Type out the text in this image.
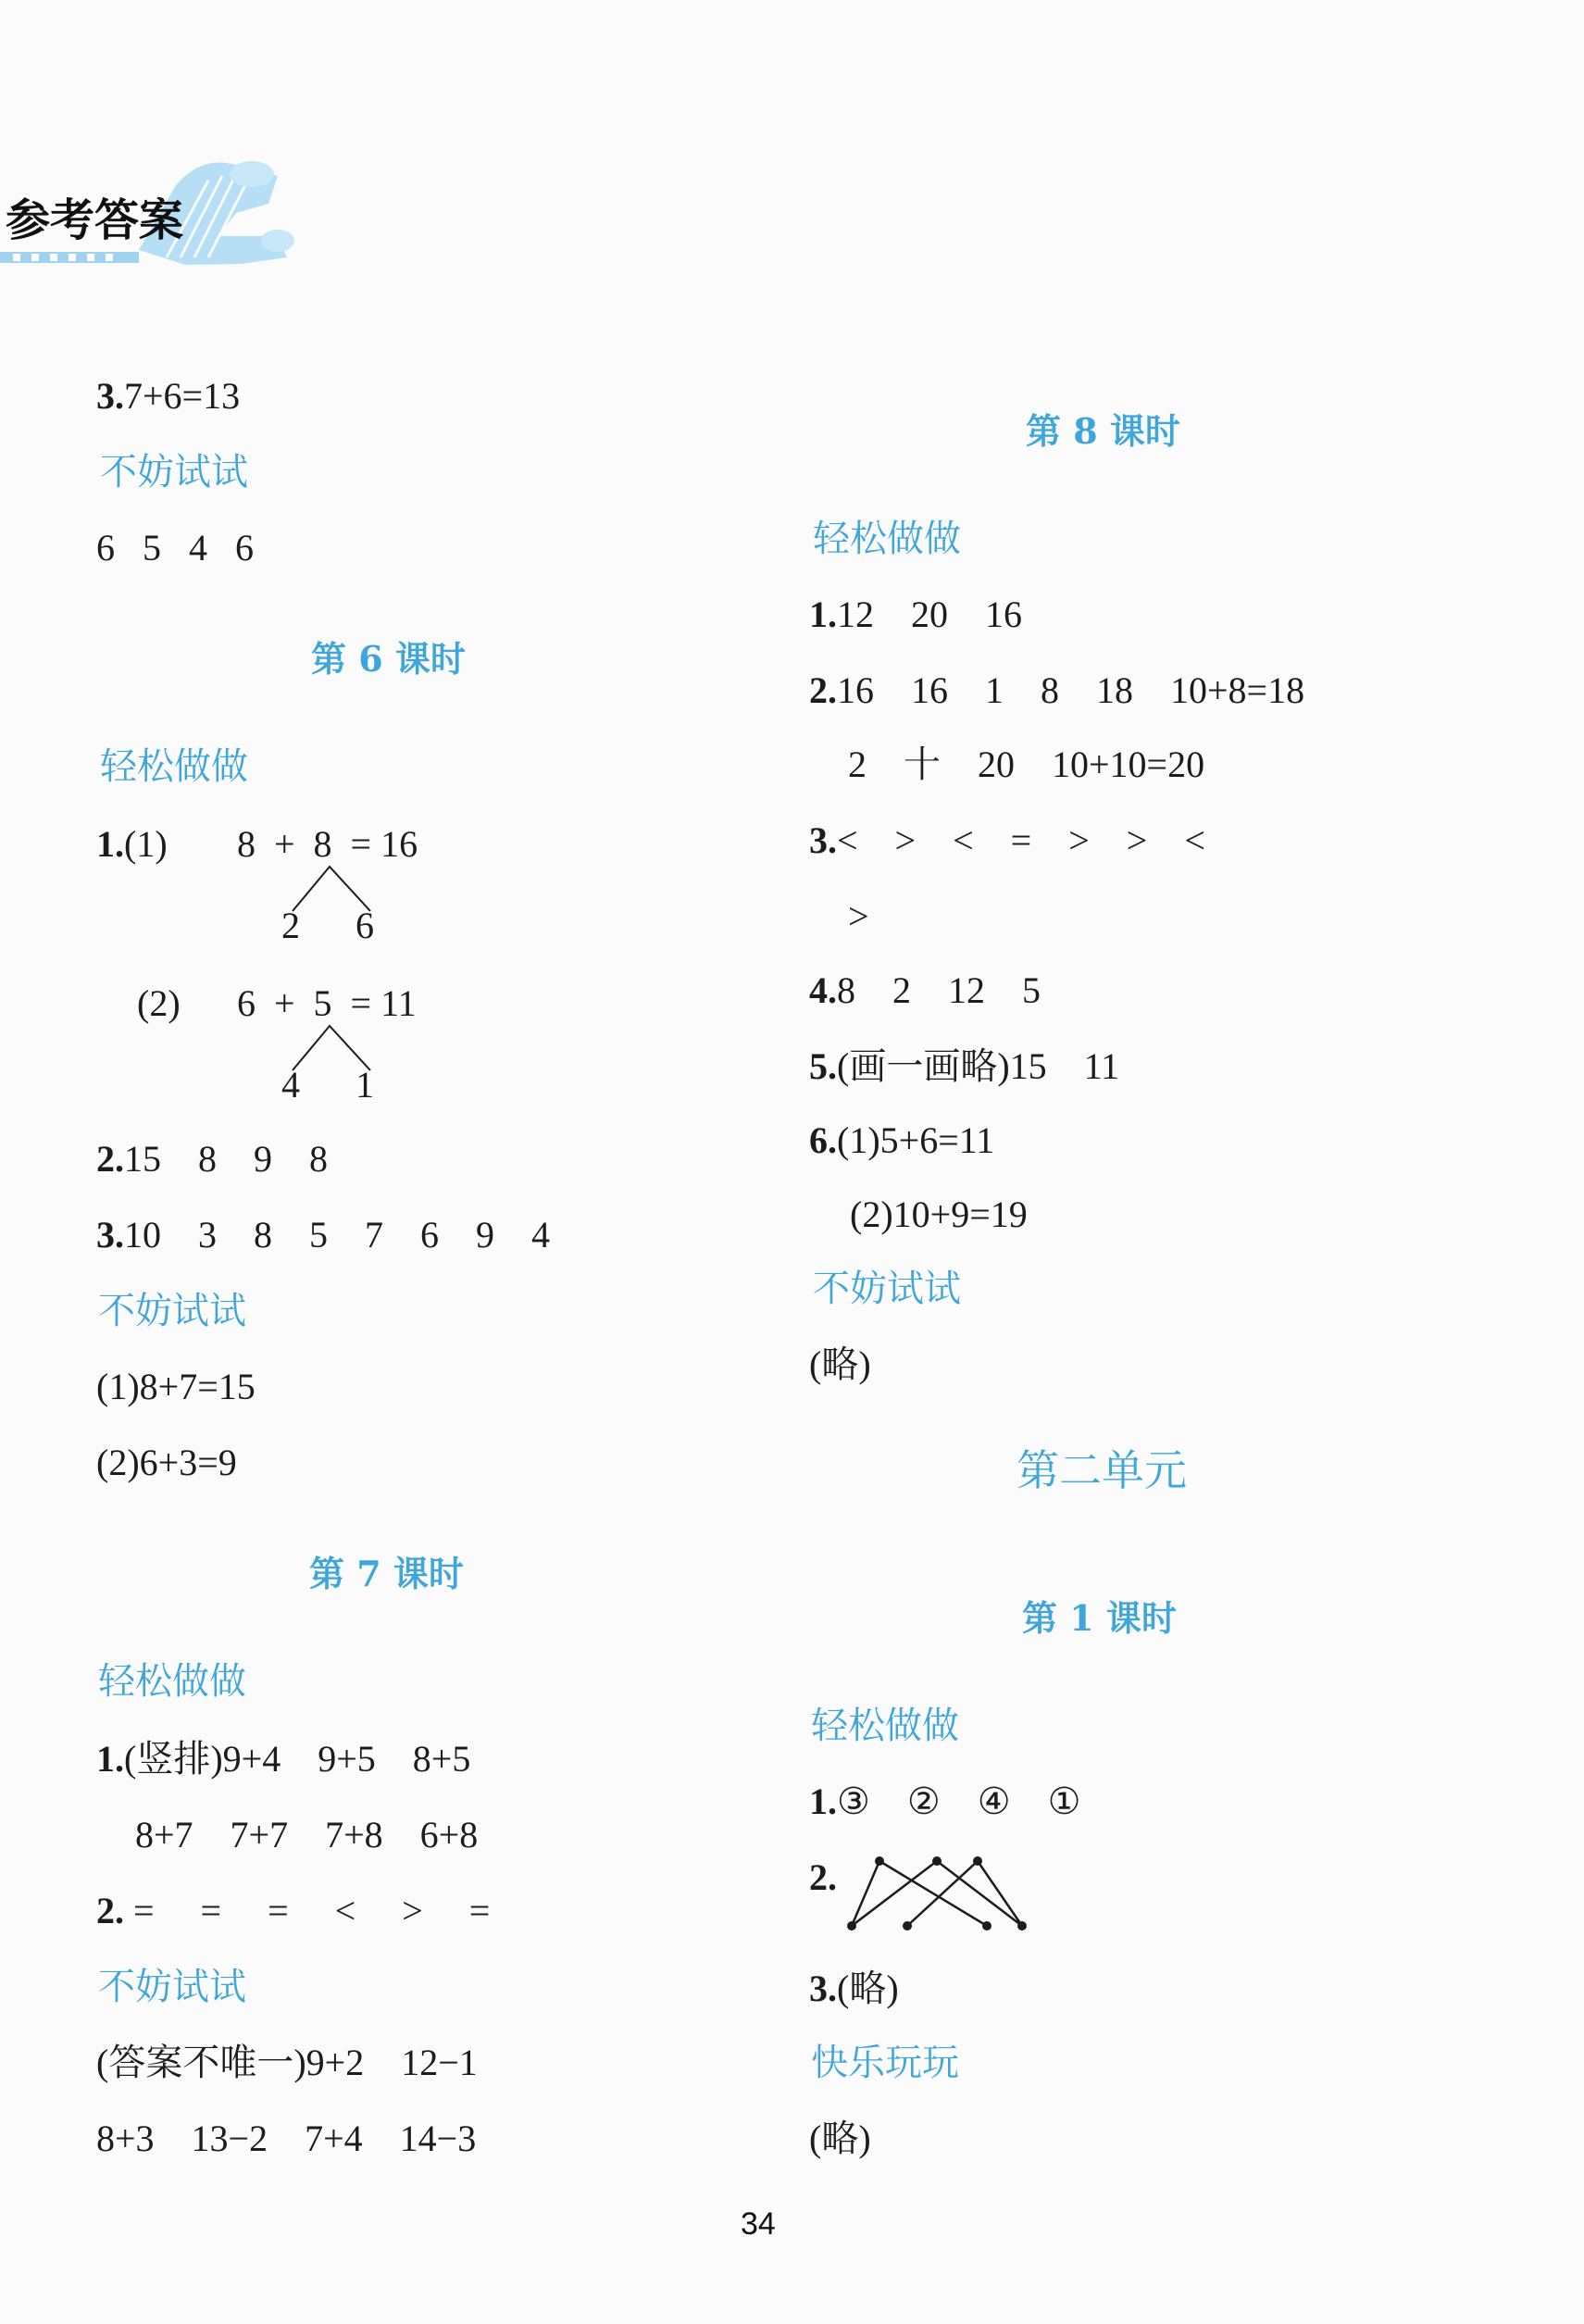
参考答案
3.7+6=13
不妨试试
6   5   4   6
第 6 课时
轻松做做
1.(1) 8  +  8  = 16
2      6
(2) 6  +  5  = 11
4      1
2.15    8    9    8
3.10    3    8    5    7    6    9    4
不妨试试
(1)8+7=15
(2)6+3=9
第 7 课时
轻松做做
1.(竖排)9+4    9+5    8+5
8+7    7+7    7+8    6+8
2. =     =     =     <     >     =
不妨试试
(答案不唯一)9+2    12−1
8+3    13−2    7+4    14−3
第 8 课时
轻松做做
1.12    20    16
2.16    16    1    8    18    10+8=18
2    十    20    10+10=20
3.<    >    <    =    >    >    <
>
4.8    2    12    5
5.(画一画略)15    11
6.(1)5+6=11
(2)10+9=19
不妨试试
(略)
第二单元
第 1 课时
轻松做做
1.③    ②    ④    ①
2.
3.(略)
快乐玩玩
(略)
34
